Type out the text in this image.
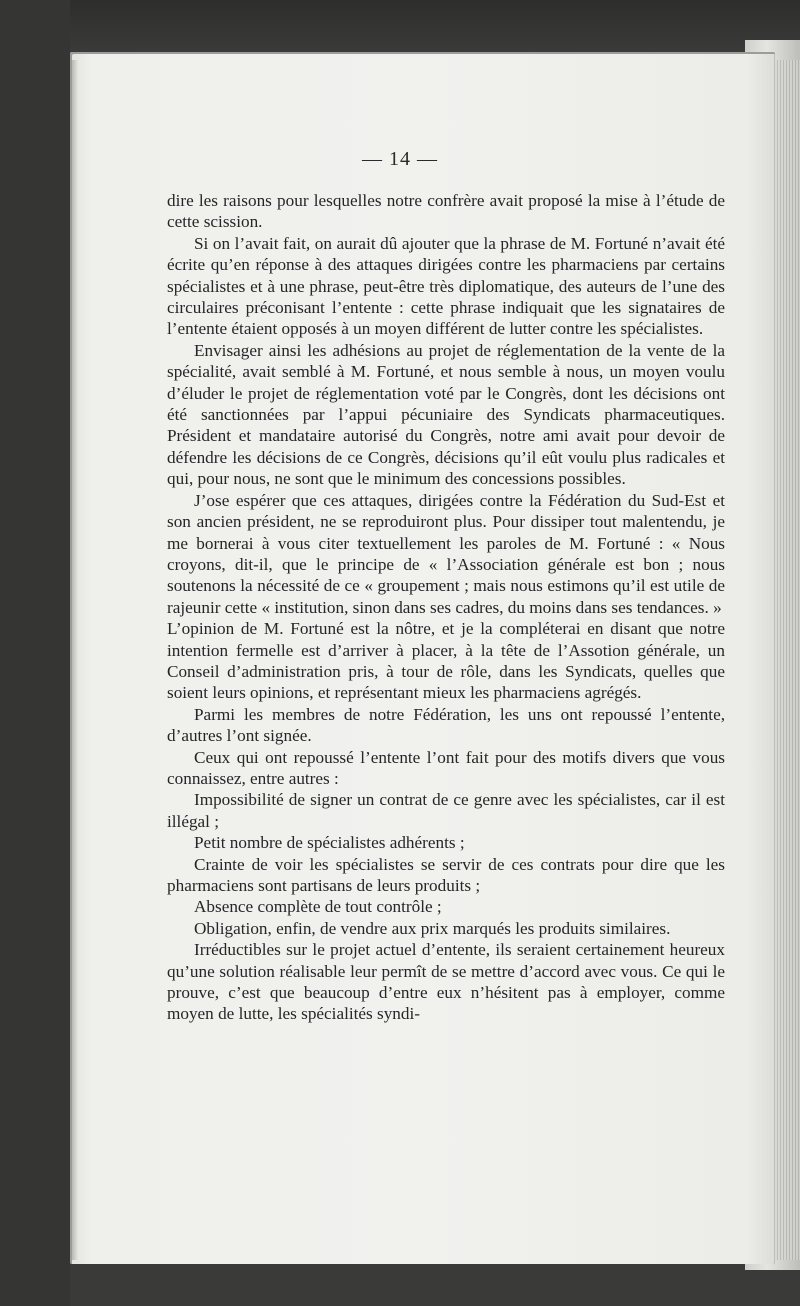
— 14 —

dire les raisons pour lesquelles notre confrère avait proposé la mise à l’étude de cette scission.

Si on l’avait fait, on aurait dû ajouter que la phrase de M. Fortuné n’avait été écrite qu’en réponse à des attaques dirigées contre les pharmaciens par certains spécialistes et à une phrase, peut-être très diplomatique, des auteurs de l’une des circulaires préconisant l’entente : cette phrase indiquait que les signataires de l’entente étaient opposés à un moyen différent de lutter contre les spécialistes.

Envisager ainsi les adhésions au projet de réglementation de la vente de la spécialité, avait semblé à M. Fortuné, et nous semble à nous, un moyen voulu d’éluder le projet de réglementation voté par le Congrès, dont les décisions ont été sanctionnées par l’appui pécuniaire des Syndicats pharmaceutiques. Président et mandataire autorisé du Congrès, notre ami avait pour devoir de défendre les décisions de ce Congrès, décisions qu’il eût voulu plus radicales et qui, pour nous, ne sont que le minimum des concessions possibles.

J’ose espérer que ces attaques, dirigées contre la Fédération du Sud-Est et son ancien président, ne se reproduiront plus. Pour dissiper tout malentendu, je me bornerai à vous citer textuellement les paroles de M. Fortuné : « Nous croyons, dit-il, que le principe de « l’Association générale est bon ; nous soutenons la nécessité de ce « groupement ; mais nous estimons qu’il est utile de rajeunir cette « institution, sinon dans ses cadres, du moins dans ses tendances. »

L’opinion de M. Fortuné est la nôtre, et je la compléterai en disant que notre intention fermelle est d’arriver à placer, à la tête de l’Assotion générale, un Conseil d’administration pris, à tour de rôle, dans les Syndicats, quelles que soient leurs opinions, et représentant mieux les pharmaciens agrégés.

Parmi les membres de notre Fédération, les uns ont repoussé l’entente, d’autres l’ont signée.

Ceux qui ont repoussé l’entente l’ont fait pour des motifs divers que vous connaissez, entre autres :

Impossibilité de signer un contrat de ce genre avec les spécialistes, car il est illégal ;

Petit nombre de spécialistes adhérents ;

Crainte de voir les spécialistes se servir de ces contrats pour dire que les pharmaciens sont partisans de leurs produits ;

Absence complète de tout contrôle ;

Obligation, enfin, de vendre aux prix marqués les produits similaires.

Irréductibles sur le projet actuel d’entente, ils seraient certainement heureux qu’une solution réalisable leur permît de se mettre d’accord avec vous. Ce qui le prouve, c’est que beaucoup d’entre eux n’hésitent pas à employer, comme moyen de lutte, les spécialités syndi-
